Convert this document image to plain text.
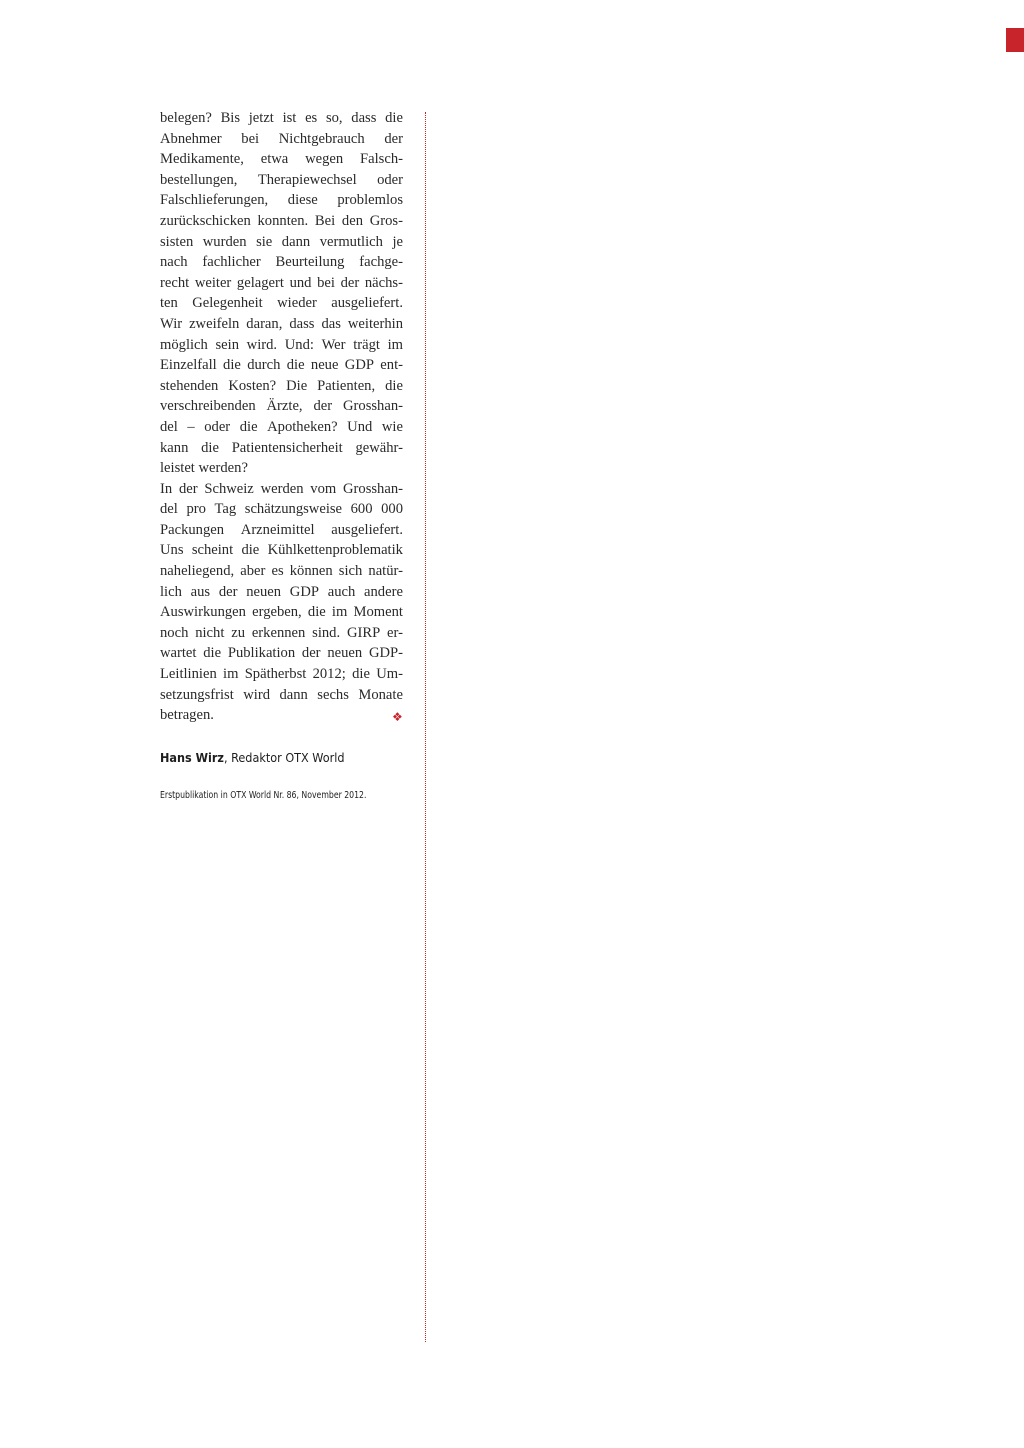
belegen? Bis jetzt ist es so, dass die
Abnehmer bei Nichtgebrauch der
Medikamente, etwa wegen Falsch-
bestellungen, Therapiewechsel oder
Falschlieferungen, diese problemlos
zurückschicken konnten. Bei den Gros-
sisten wurden sie dann vermutlich je
nach fachlicher Beurteilung fachge-
recht weiter gelagert und bei der nächs-
ten Gelegenheit wieder ausgeliefert.
Wir zweifeln daran, dass das weiterhin
möglich sein wird. Und: Wer trägt im
Einzelfall die durch die neue GDP ent-
stehenden Kosten? Die Patienten, die
verschreibenden Ärzte, der Grosshan-
del – oder die Apotheken? Und wie
kann die Patientensicherheit gewähr-
leistet werden?
In der Schweiz werden vom Grosshan-
del pro Tag schätzungsweise 600 000
Packungen Arzneimittel ausgeliefert.
Uns scheint die Kühlkettenproblematik
naheliegend, aber es können sich natür-
lich aus der neuen GDP auch andere
Auswirkungen ergeben, die im Moment
noch nicht zu erkennen sind. GIRP er-
wartet die Publikation der neuen GDP-
Leitlinien im Spätherbst 2012; die Um-
setzungsfrist wird dann sechs Monate
betragen.	❖
Hans Wirz, Redaktor OTX World
Erstpublikation in OTX World Nr. 86, November 2012.
